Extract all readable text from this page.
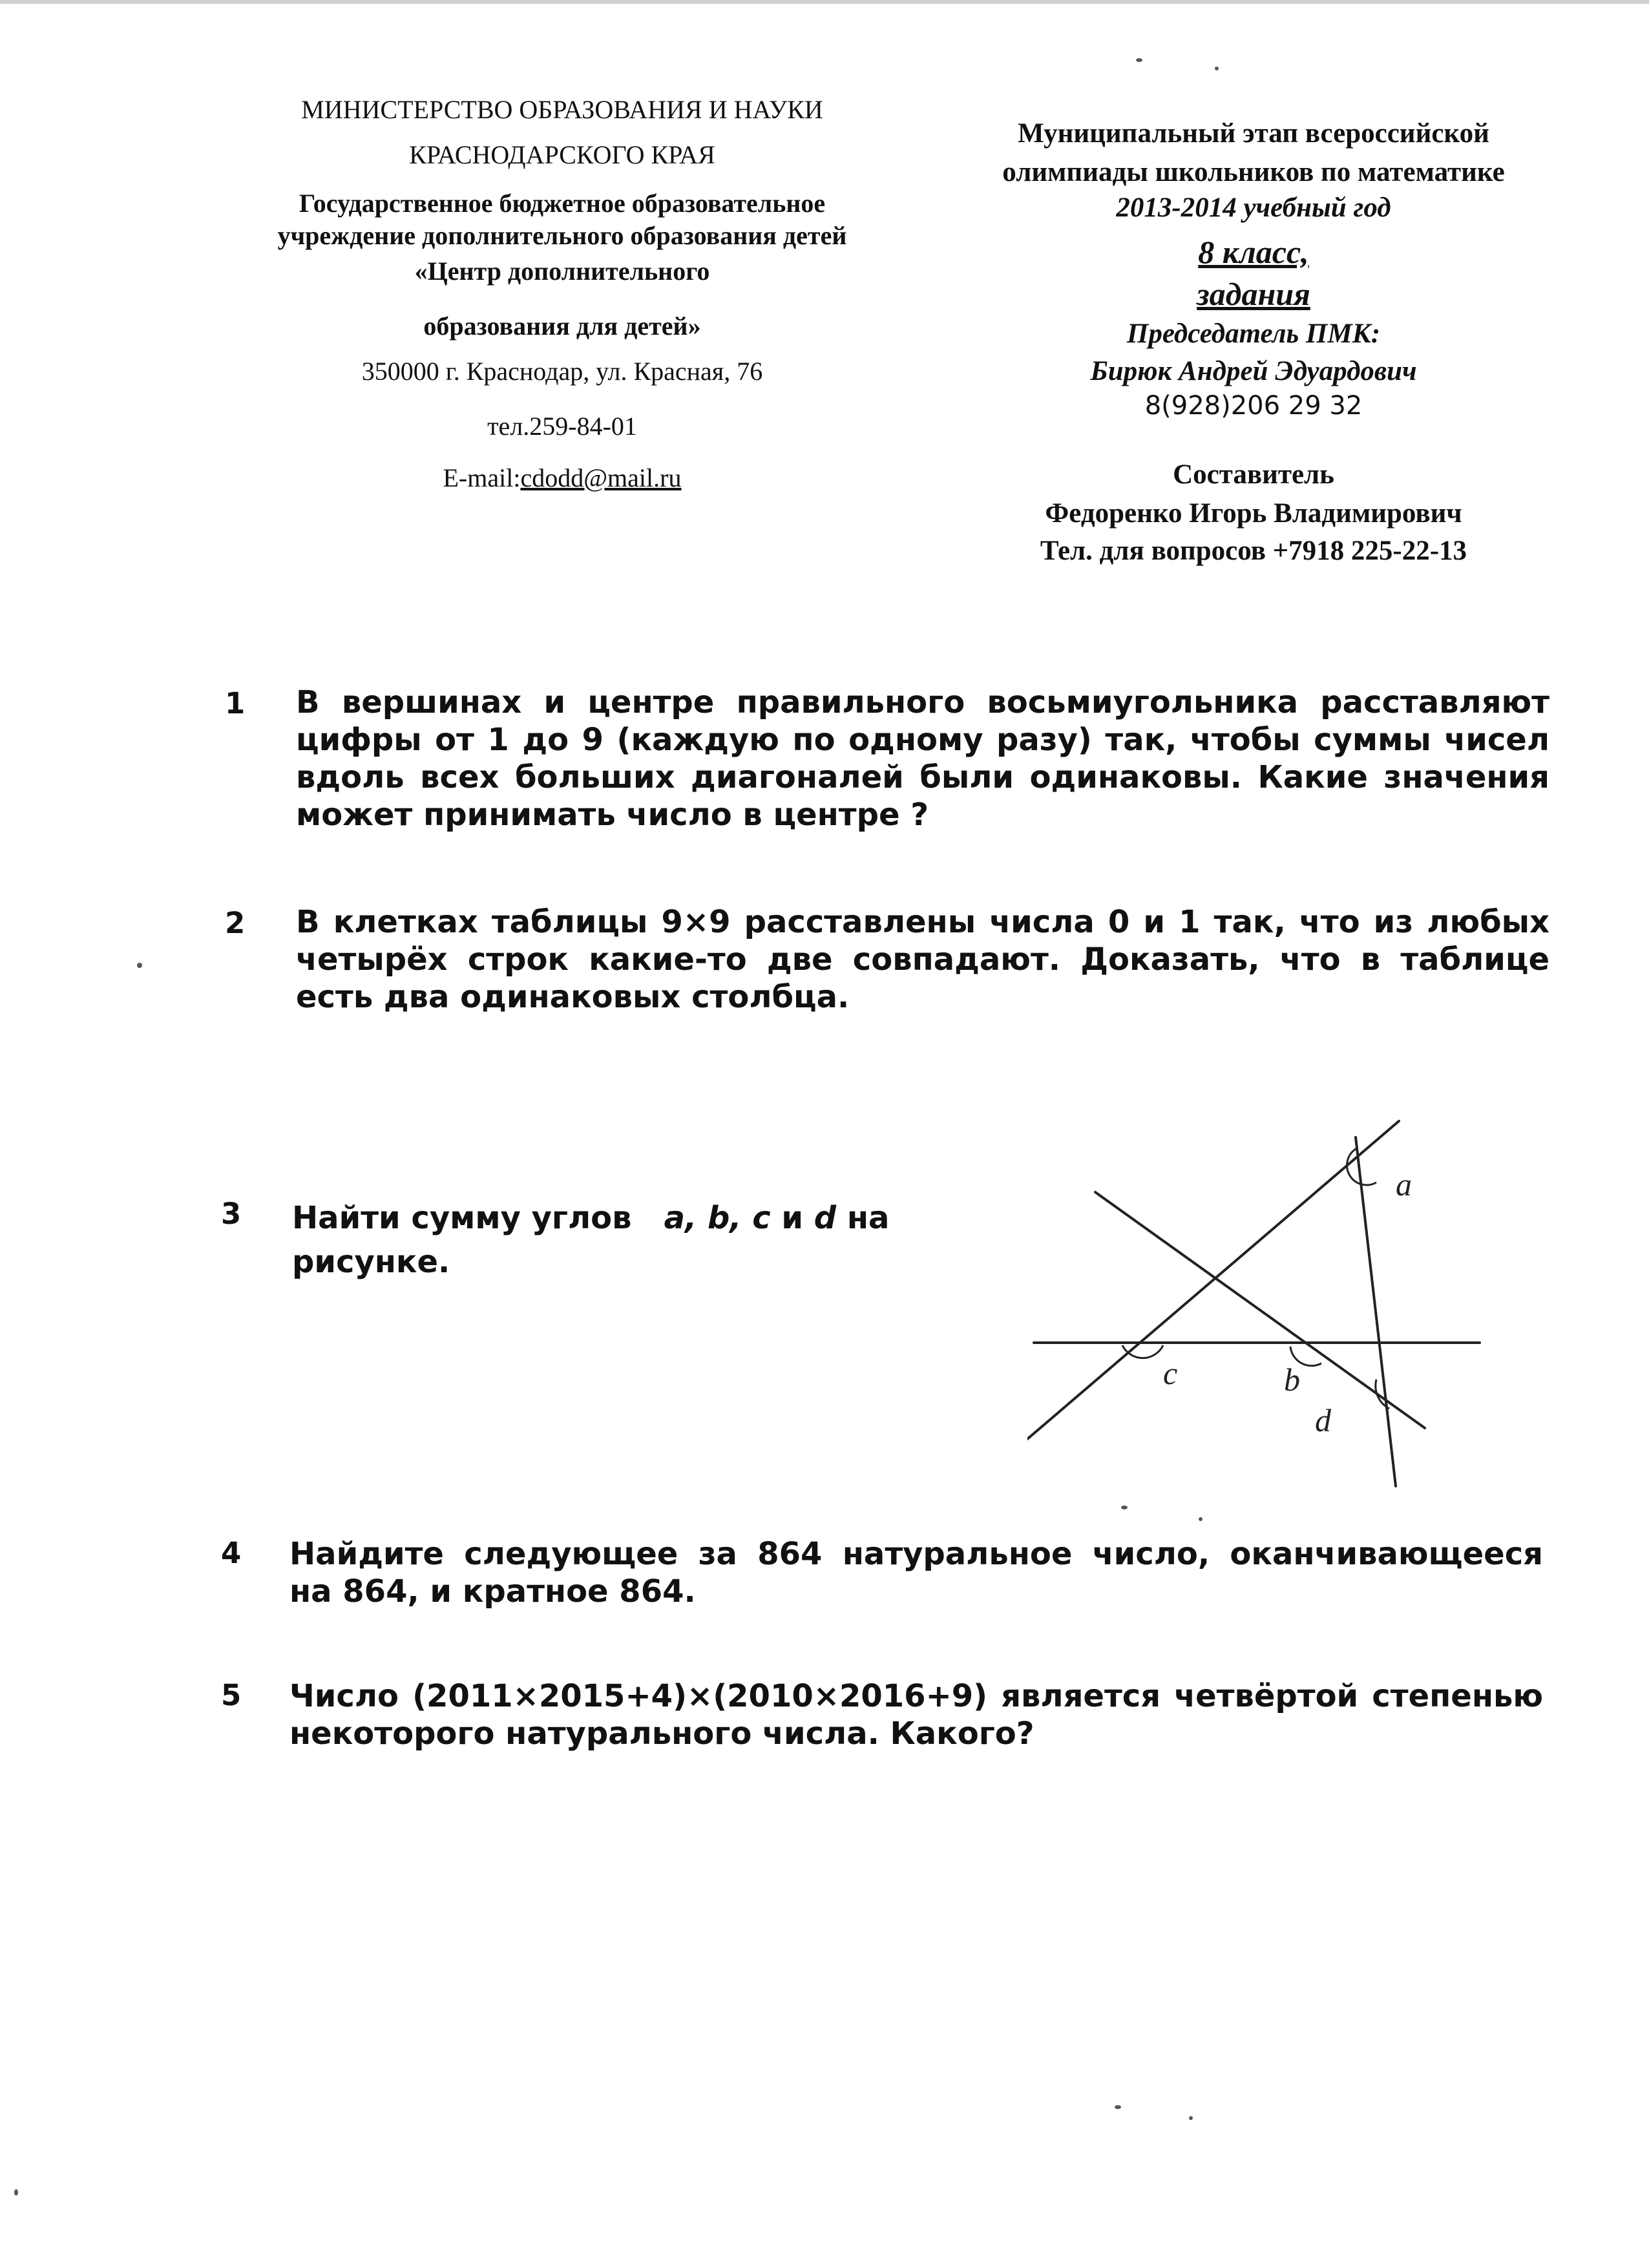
МИНИСТЕРСТВО ОБРАЗОВАНИЯ И НАУКИ
КРАСНОДАРСКОГО КРАЯ
Государственное бюджетное образовательное
учреждение дополнительного образования детей
«Центр дополнительного
образования для детей»
350000 г. Краснодар, ул. Красная, 76
тел.259-84-01
E-mail:cdodd@mail.ru
Муниципальный этап всероссийской
олимпиады школьников по математике
2013-2014 учебный год
8 класс,
задания
Председатель ПМК:
Бирюк Андрей Эдуардович
8(928)206 29 32
Составитель
Федоренко Игорь Владимирович
Тел. для вопросов +7918 225-22-13
1 В вершинах и центре правильного восьмиугольника расставляют
цифры от 1 до 9 (каждую по одному разу) так, чтобы суммы чисел
вдоль всех больших диагоналей были одинаковы. Какие значения
может принимать число в центре ?
2 В клетках таблицы 9×9 расставлены числа 0 и 1 так, что из любых
четырёх строк какие-то две совпадают. Доказать, что в таблице
есть два одинаковых столбца.
3 Найти сумму углов a, b, c и d на
рисунке.
a
c	b
d
4 Найдите следующее за 864 натуральное число, оканчивающееся
на 864, и кратное 864.
5 Число (2011×2015+4)×(2010×2016+9) является четвёртой степенью
некоторого натурального числа. Какого?
